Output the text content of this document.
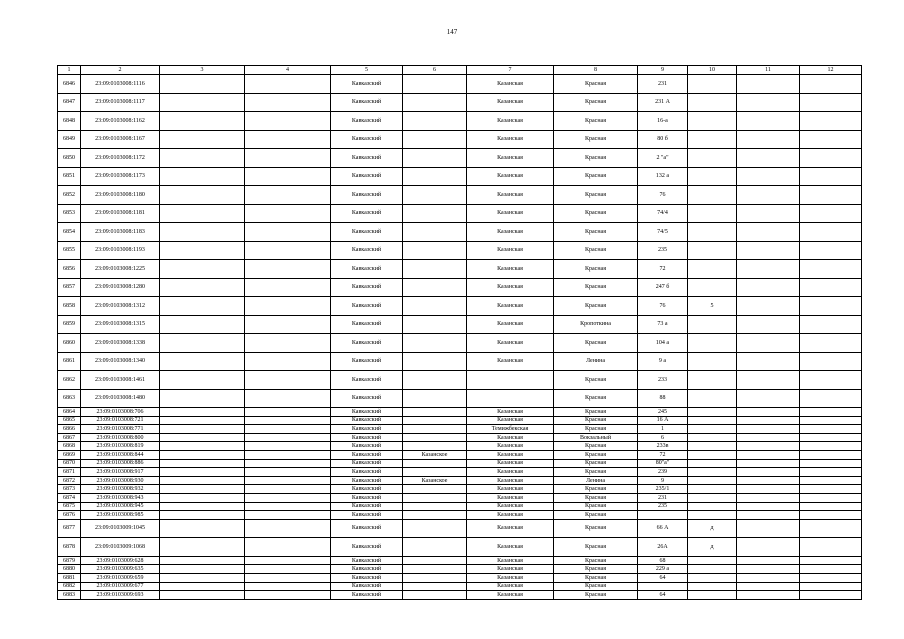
147
1	2	3	4	5	6	7	8	9	10	11	12
6846	23:09:0103008:1116			Кавказский		Казанская	Красная	231			
6847	23:09:0103008:1117			Кавказский		Казанская	Красная	231 А			
6848	23:09:0103008:1162			Кавказский		Казанская	Красная	16-а			
6849	23:09:0103008:1167			Кавказский		Казанская	Красная	80 б			
6850	23:09:0103008:1172			Кавказский		Казанская	Красная	2 "а"			
6851	23:09:0103008:1173			Кавказский		Казанская	Красная	132 а			
6852	23:09:0103008:1180			Кавказский		Казанская	Красная	76			
6853	23:09:0103008:1181			Кавказский		Казанская	Красная	74/4			
6854	23:09:0103008:1183			Кавказский		Казанская	Красная	74/5			
6855	23:09:0103008:1193			Кавказский		Казанская	Красная	235			
6856	23:09:0103008:1225			Кавказский		Казанская	Красная	72			
6857	23:09:0103008:1280			Кавказский		Казанская	Красная	247 б			
6858	23:09:0103008:1312			Кавказский		Казанская	Красная	76	5		
6859	23:09:0103008:1315			Кавказский		Казанская	Кропоткина	73 а			
6860	23:09:0103008:1338			Кавказский		Казанская	Красная	104 а			
6861	23:09:0103008:1340			Кавказский		Казанская	Ленина	9 а			
6862	23:09:0103008:1461			Кавказский			Красная	233			
6863	23:09:0103008:1480			Кавказский			Красная	88			
6864	23:09:0103008:706			Кавказский		Казанская	Красная	245			
6865	23:09:0103008:721			Кавказский		Казанская	Красная	16 А			
6866	23:09:0103008:771			Кавказский		Темижбекская	Красная	1			
6867	23:09:0103008:800			Кавказский		Казанская	Вокзальный	6			
6868	23:09:0103008:819			Кавказский		Казанская	Красная	233в			
6869	23:09:0103008:844			Кавказский	Казанское	Казанская	Красная	72			
6870	23:09:0103008:886			Кавказский		Казанская	Красная	80"а"			
6871	23:09:0103008:917			Кавказский		Казанская	Красная	239			
6872	23:09:0103008:930			Кавказский	Казанское	Казанская	Ленина	9			
6873	23:09:0103008:932			Кавказский		Казанская	Красная	235/1			
6874	23:09:0103008:943			Кавказский		Казанская	Красная	231			
6875	23:09:0103008:945			Кавказский		Казанская	Красная	235			
6876	23:09:0103008:985			Кавказский		Казанская	Красная				
6877	23:09:0103009:1045			Кавказский		Казанская	Красная	66 А	д		
6878	23:09:0103009:1068			Кавказский		Казанская	Красная	26А	д		
6879	23:09:0103009:628			Кавказский		Казанская	Красная	68			
6880	23:09:0103009:635			Кавказский		Казанская	Красная	229 а			
6881	23:09:0103009:659			Кавказский		Казанская	Красная	64			
6882	23:09:0103009:677			Кавказский		Казанская	Красная				
6883	23:09:0103009:693			Кавказский		Казанская	Красная	64			
